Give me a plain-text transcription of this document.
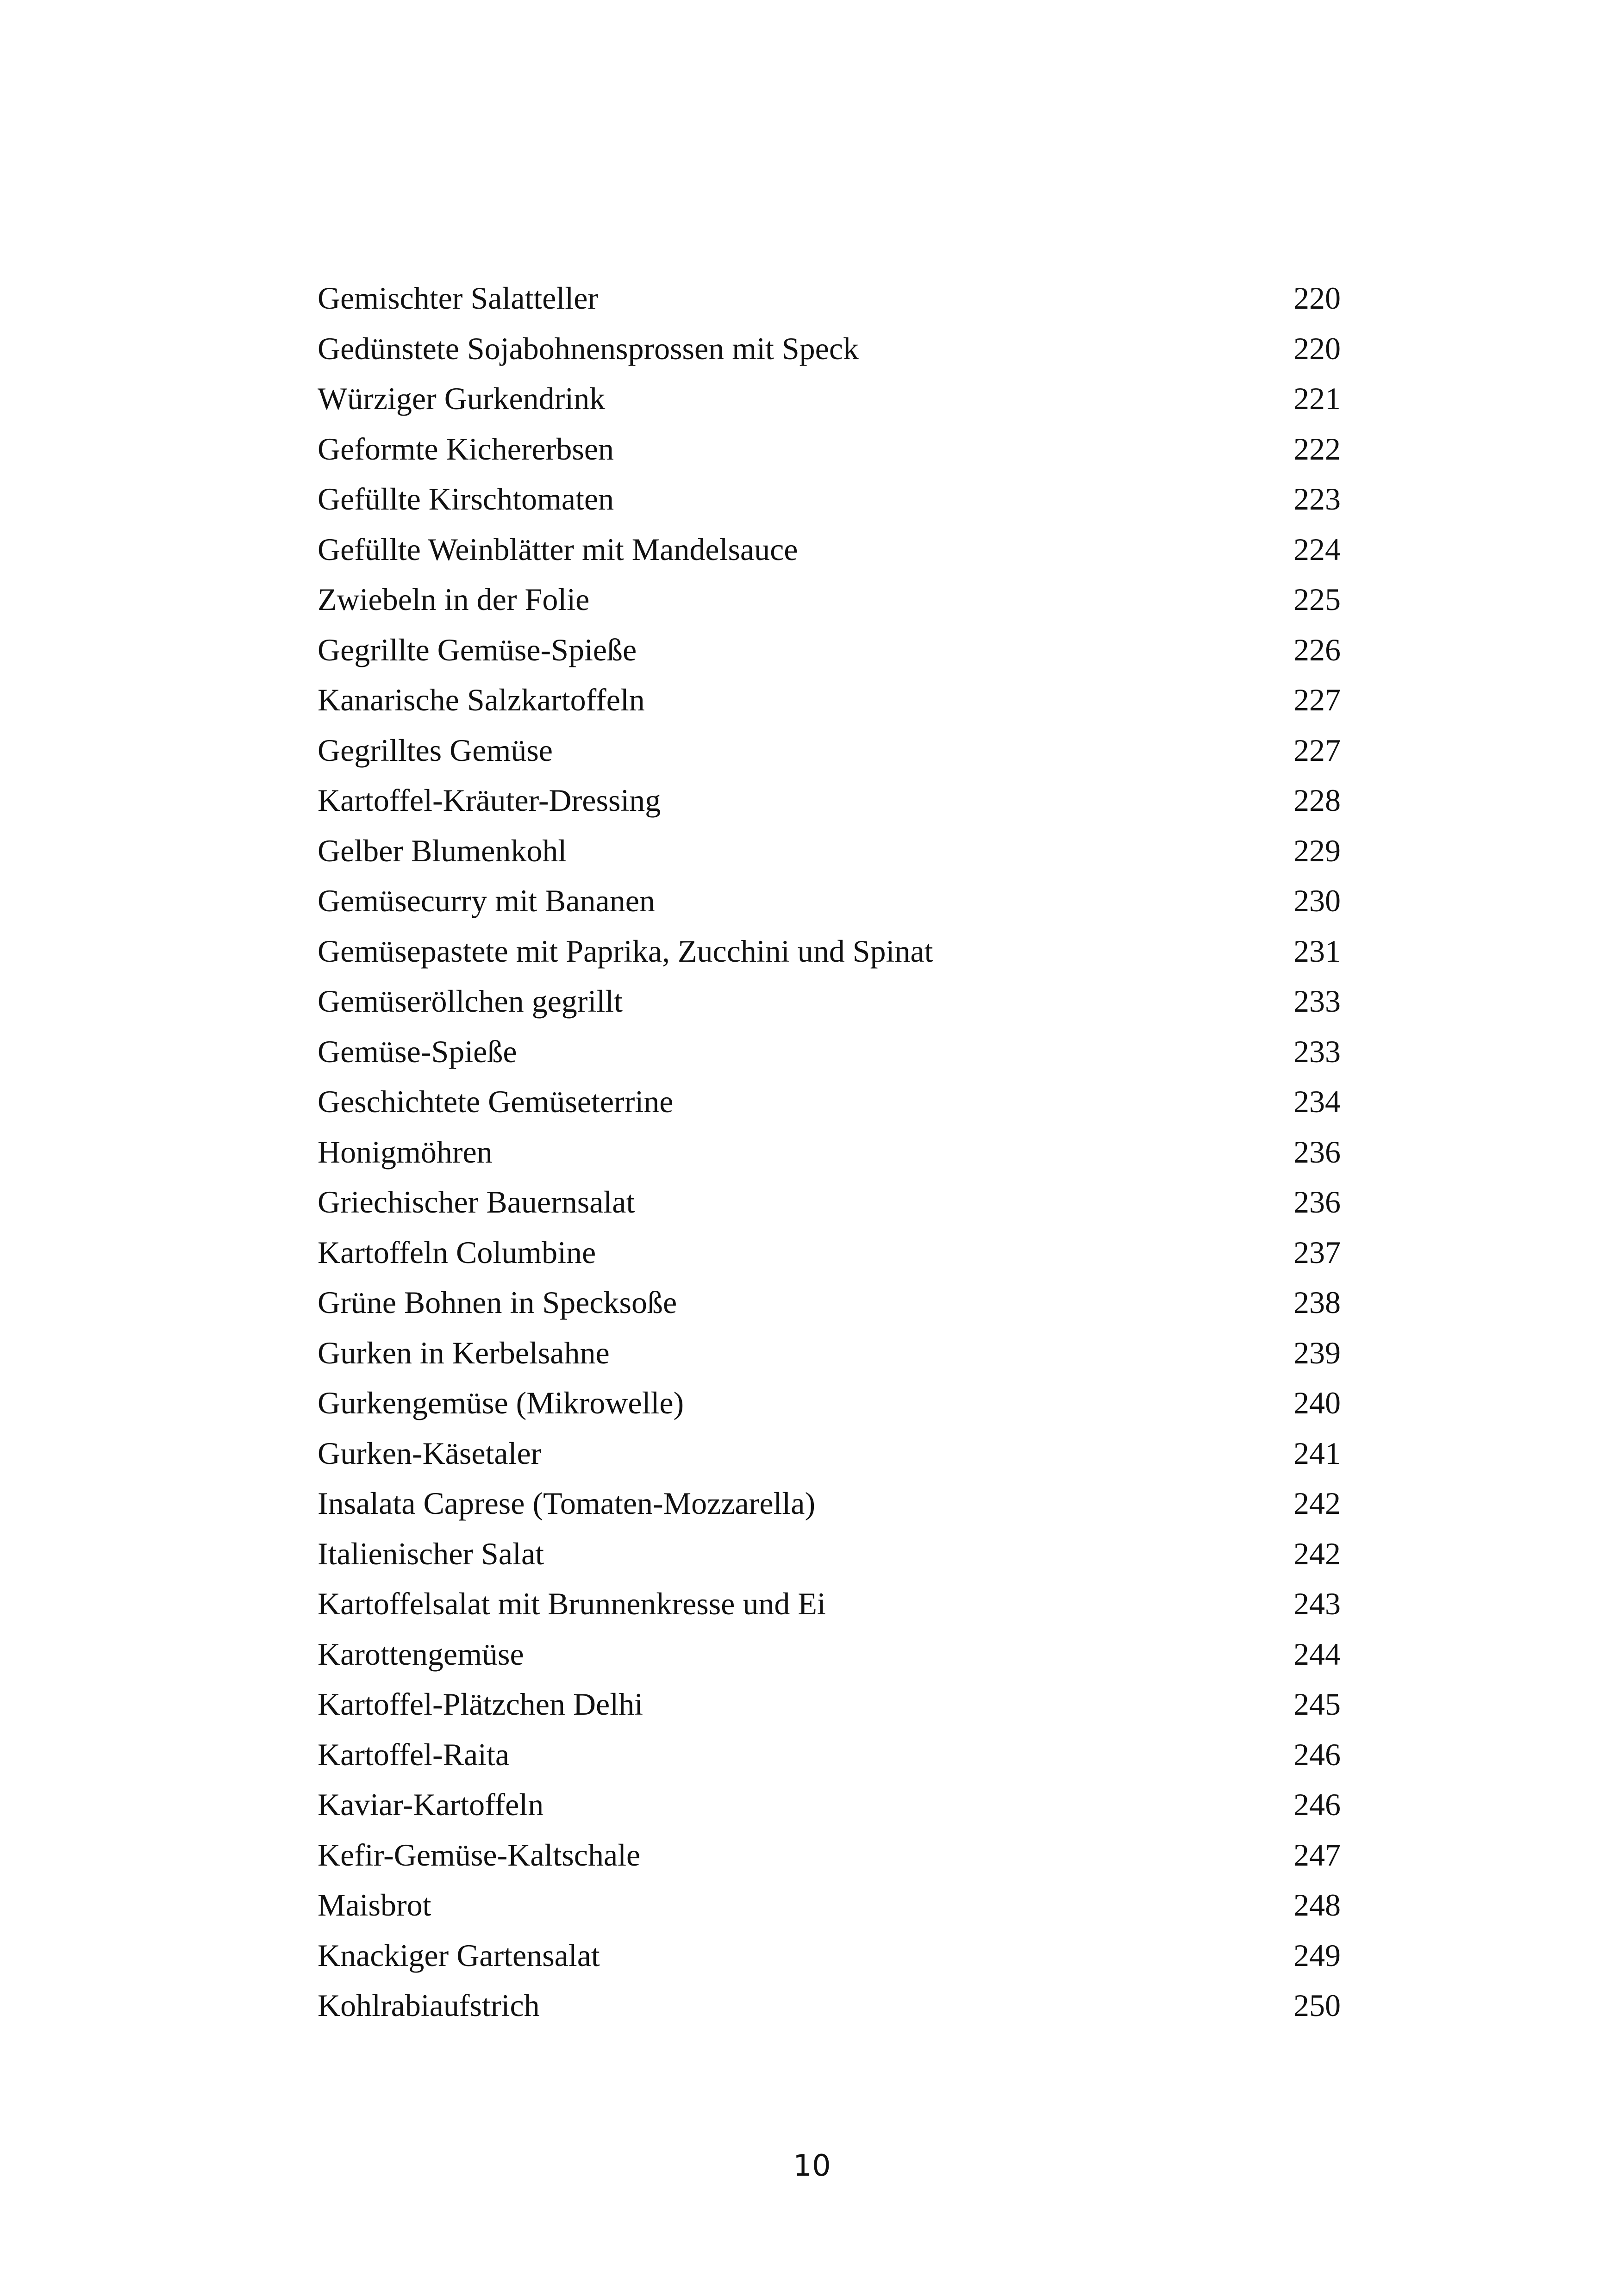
Gemischter Salatteller	220
Gedünstete Sojabohnensprossen mit Speck	220
Würziger Gurkendrink	221
Geformte Kichererbsen	222
Gefüllte Kirschtomaten	223
Gefüllte Weinblätter mit Mandelsauce	224
Zwiebeln in der Folie	225
Gegrillte Gemüse-Spieße	226
Kanarische Salzkartoffeln	227
Gegrilltes Gemüse	227
Kartoffel-Kräuter-Dressing	228
Gelber Blumenkohl	229
Gemüsecurry mit Bananen	230
Gemüsepastete mit Paprika, Zucchini und Spinat	231
Gemüseröllchen gegrillt	233
Gemüse-Spieße	233
Geschichtete Gemüseterrine	234
Honigmöhren	236
Griechischer Bauernsalat	236
Kartoffeln Columbine	237
Grüne Bohnen in Specksoße	238
Gurken in Kerbelsahne	239
Gurkengemüse (Mikrowelle)	240
Gurken-Käsetaler	241
Insalata Caprese (Tomaten-Mozzarella)	242
Italienischer Salat	242
Kartoffelsalat mit Brunnenkresse und Ei	243
Karottengemüse	244
Kartoffel-Plätzchen Delhi	245
Kartoffel-Raita	246
Kaviar-Kartoffeln	246
Kefir-Gemüse-Kaltschale	247
Maisbrot	248
Knackiger Gartensalat	249
Kohlrabiaufstrich	250
10
